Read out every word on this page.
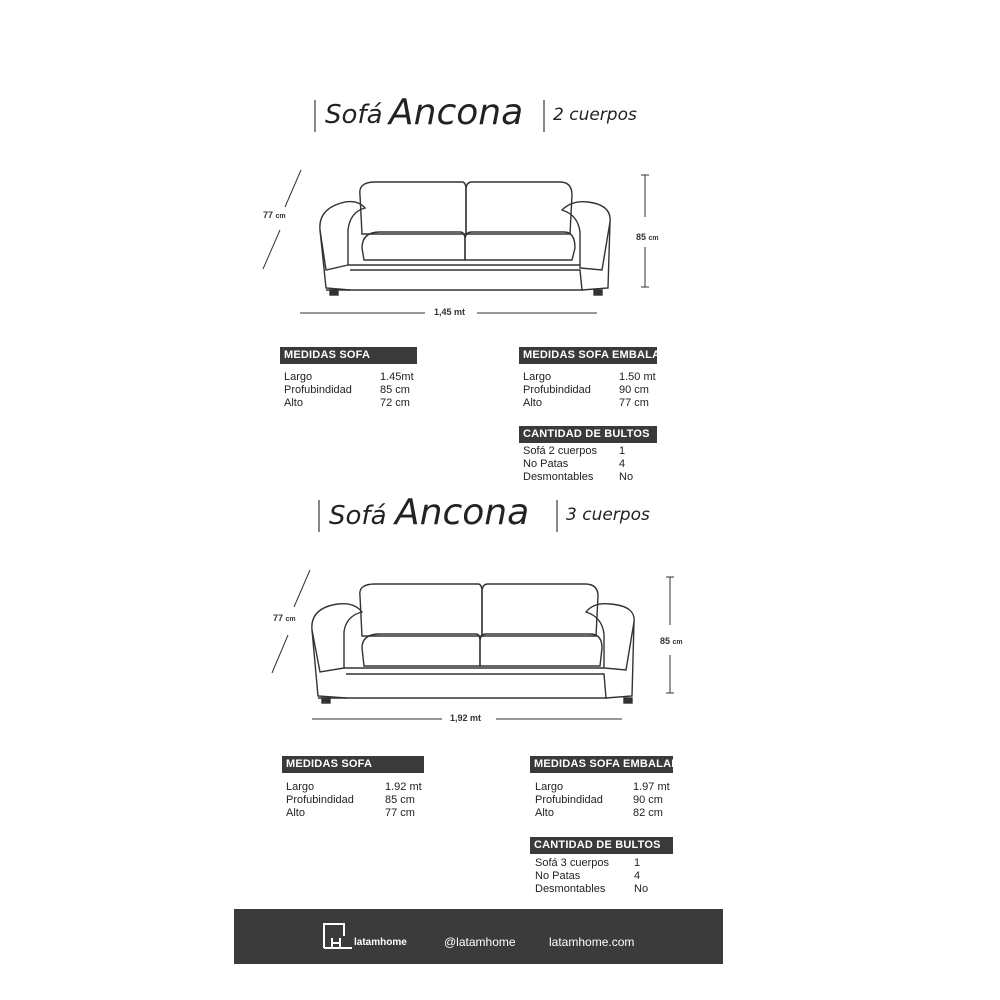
Sofá Ancona 2 cuerpos
77 cm
85 cm
1,45 mt
MEDIDAS SOFA
Largo	1.45mt
Profubindidad	85 cm
Alto	72 cm
MEDIDAS SOFA EMBALADO
Largo	1.50 mt
Profubindidad	90 cm
Alto	77 cm
CANTIDAD DE BULTOS
Sofá 2 cuerpos 1
No Patas	4
Desmontables No
Sofá Ancona 3 cuerpos
77 cm
85 cm
1,92 mt
MEDIDAS SOFA
Largo	1.92 mt
Profubindidad	85 cm
Alto	77 cm
MEDIDAS SOFA EMBALADO
Largo	1.97 mt
Profubindidad	90 cm
Alto	82 cm
CANTIDAD DE BULTOS
Sofá 3 cuerpos 1
No Patas	4
Desmontables	No
latamhome	@latamhome	latamhome.com
